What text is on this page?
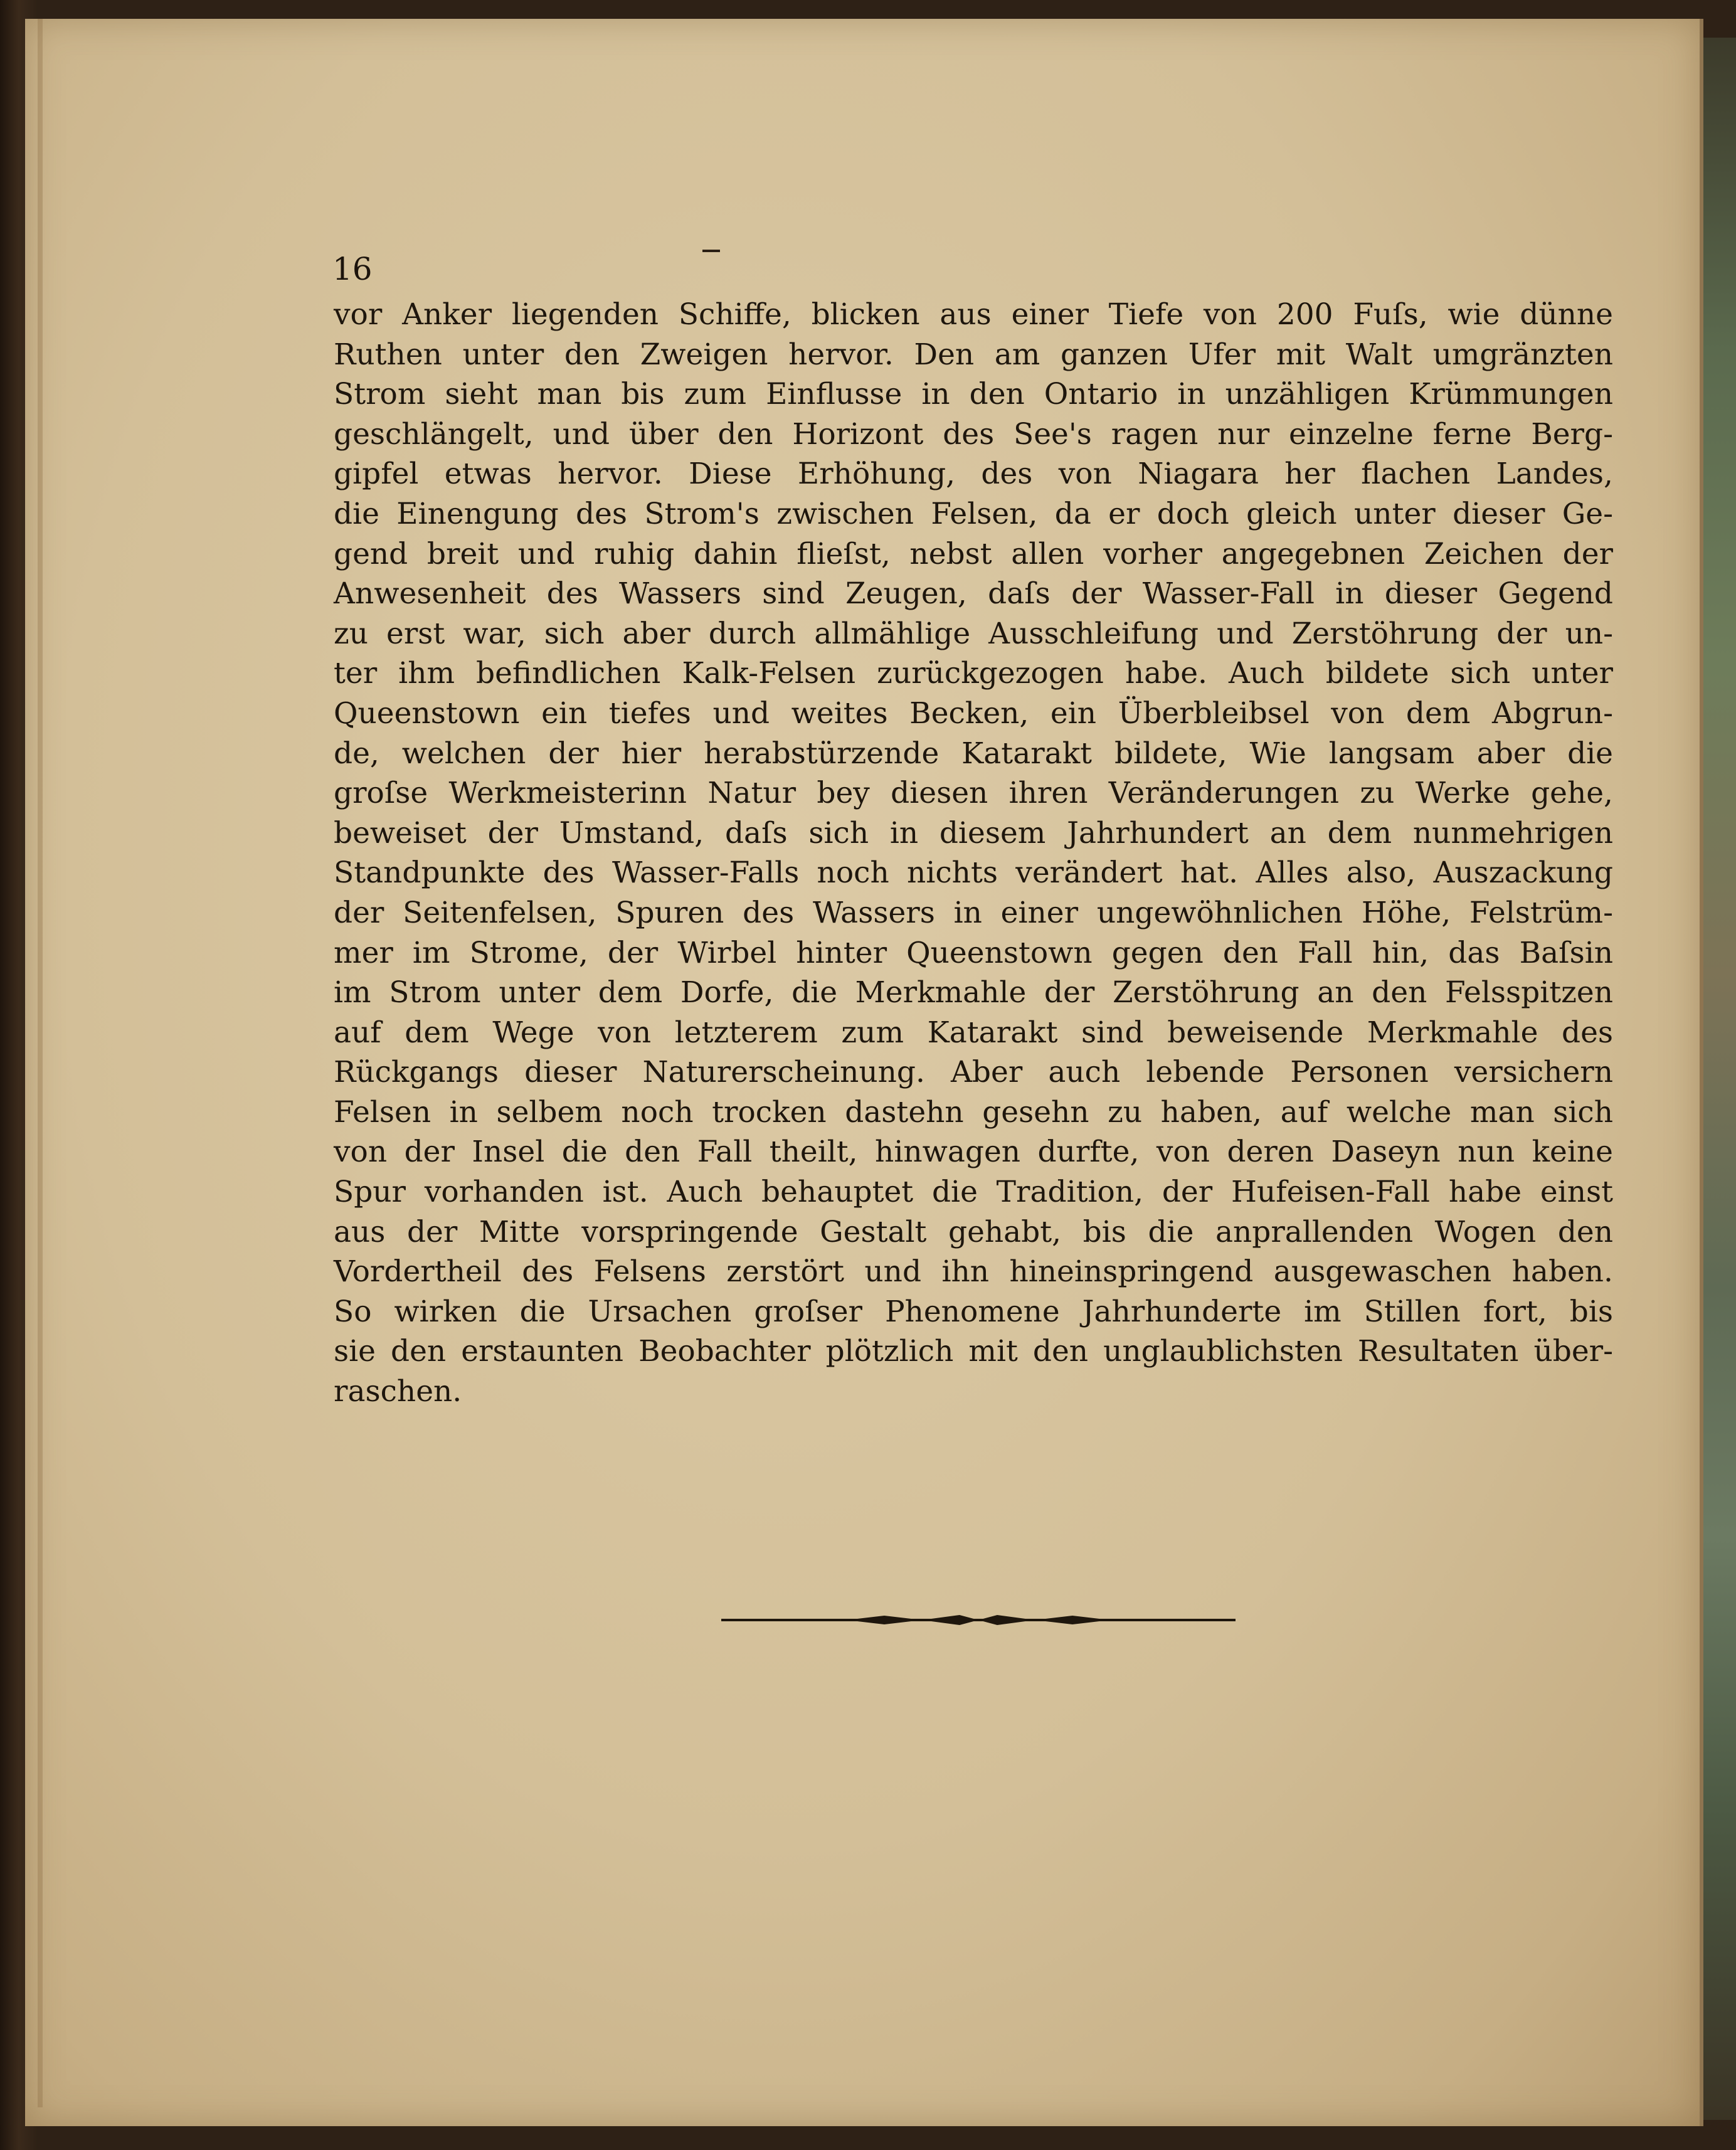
16
vor Anker liegenden Schiffe, blicken aus einer Tiefe von 200 Fuſs, wie dünne
Ruthen unter den Zweigen hervor. Den am ganzen Ufer mit Walt umgränzten
Strom sieht man bis zum Einflusse in den Ontario in unzähligen Krümmungen
geschlängelt, und über den Horizont des See's ragen nur einzelne ferne Berg-
gipfel etwas hervor. Diese Erhöhung, des von Niagara her flachen Landes,
die Einengung des Strom's zwischen Felsen, da er doch gleich unter dieser Ge-
gend breit und ruhig dahin flieſst, nebst allen vorher angegebnen Zeichen der
Anwesenheit des Wassers sind Zeugen, daſs der Wasser-Fall in dieser Gegend
zu erst war, sich aber durch allmählige Ausschleifung und Zerstöhrung der un-
ter ihm befindlichen Kalk-Felsen zurückgezogen habe. Auch bildete sich unter
Queenstown ein tiefes und weites Becken, ein Überbleibsel von dem Abgrun-
de, welchen der hier herabstürzende Katarakt bildete, Wie langsam aber die
groſse Werkmeisterinn Natur bey diesen ihren Veränderungen zu Werke gehe,
beweiset der Umstand, daſs sich in diesem Jahrhundert an dem nunmehrigen
Standpunkte des Wasser-Falls noch nichts verändert hat. Alles also, Auszackung
der Seitenfelsen, Spuren des Wassers in einer ungewöhnlichen Höhe, Felstrüm-
mer im Strome, der Wirbel hinter Queenstown gegen den Fall hin, das Baſsin
im Strom unter dem Dorfe, die Merkmahle der Zerstöhrung an den Felsspitzen
auf dem Wege von letzterem zum Katarakt sind beweisende Merkmahle des
Rückgangs dieser Naturerscheinung. Aber auch lebende Personen versichern
Felsen in selbem noch trocken dastehn gesehn zu haben, auf welche man sich
von der Insel die den Fall theilt, hinwagen durfte, von deren Daseyn nun keine
Spur vorhanden ist. Auch behauptet die Tradition, der Hufeisen-Fall habe einst
aus der Mitte vorspringende Gestalt gehabt, bis die anprallenden Wogen den
Vordertheil des Felsens zerstört und ihn hineinspringend ausgewaschen haben.
So wirken die Ursachen groſser Phenomene Jahrhunderte im Stillen fort, bis
sie den erstaunten Beobachter plötzlich mit den unglaublichsten Resultaten über-
raschen.
